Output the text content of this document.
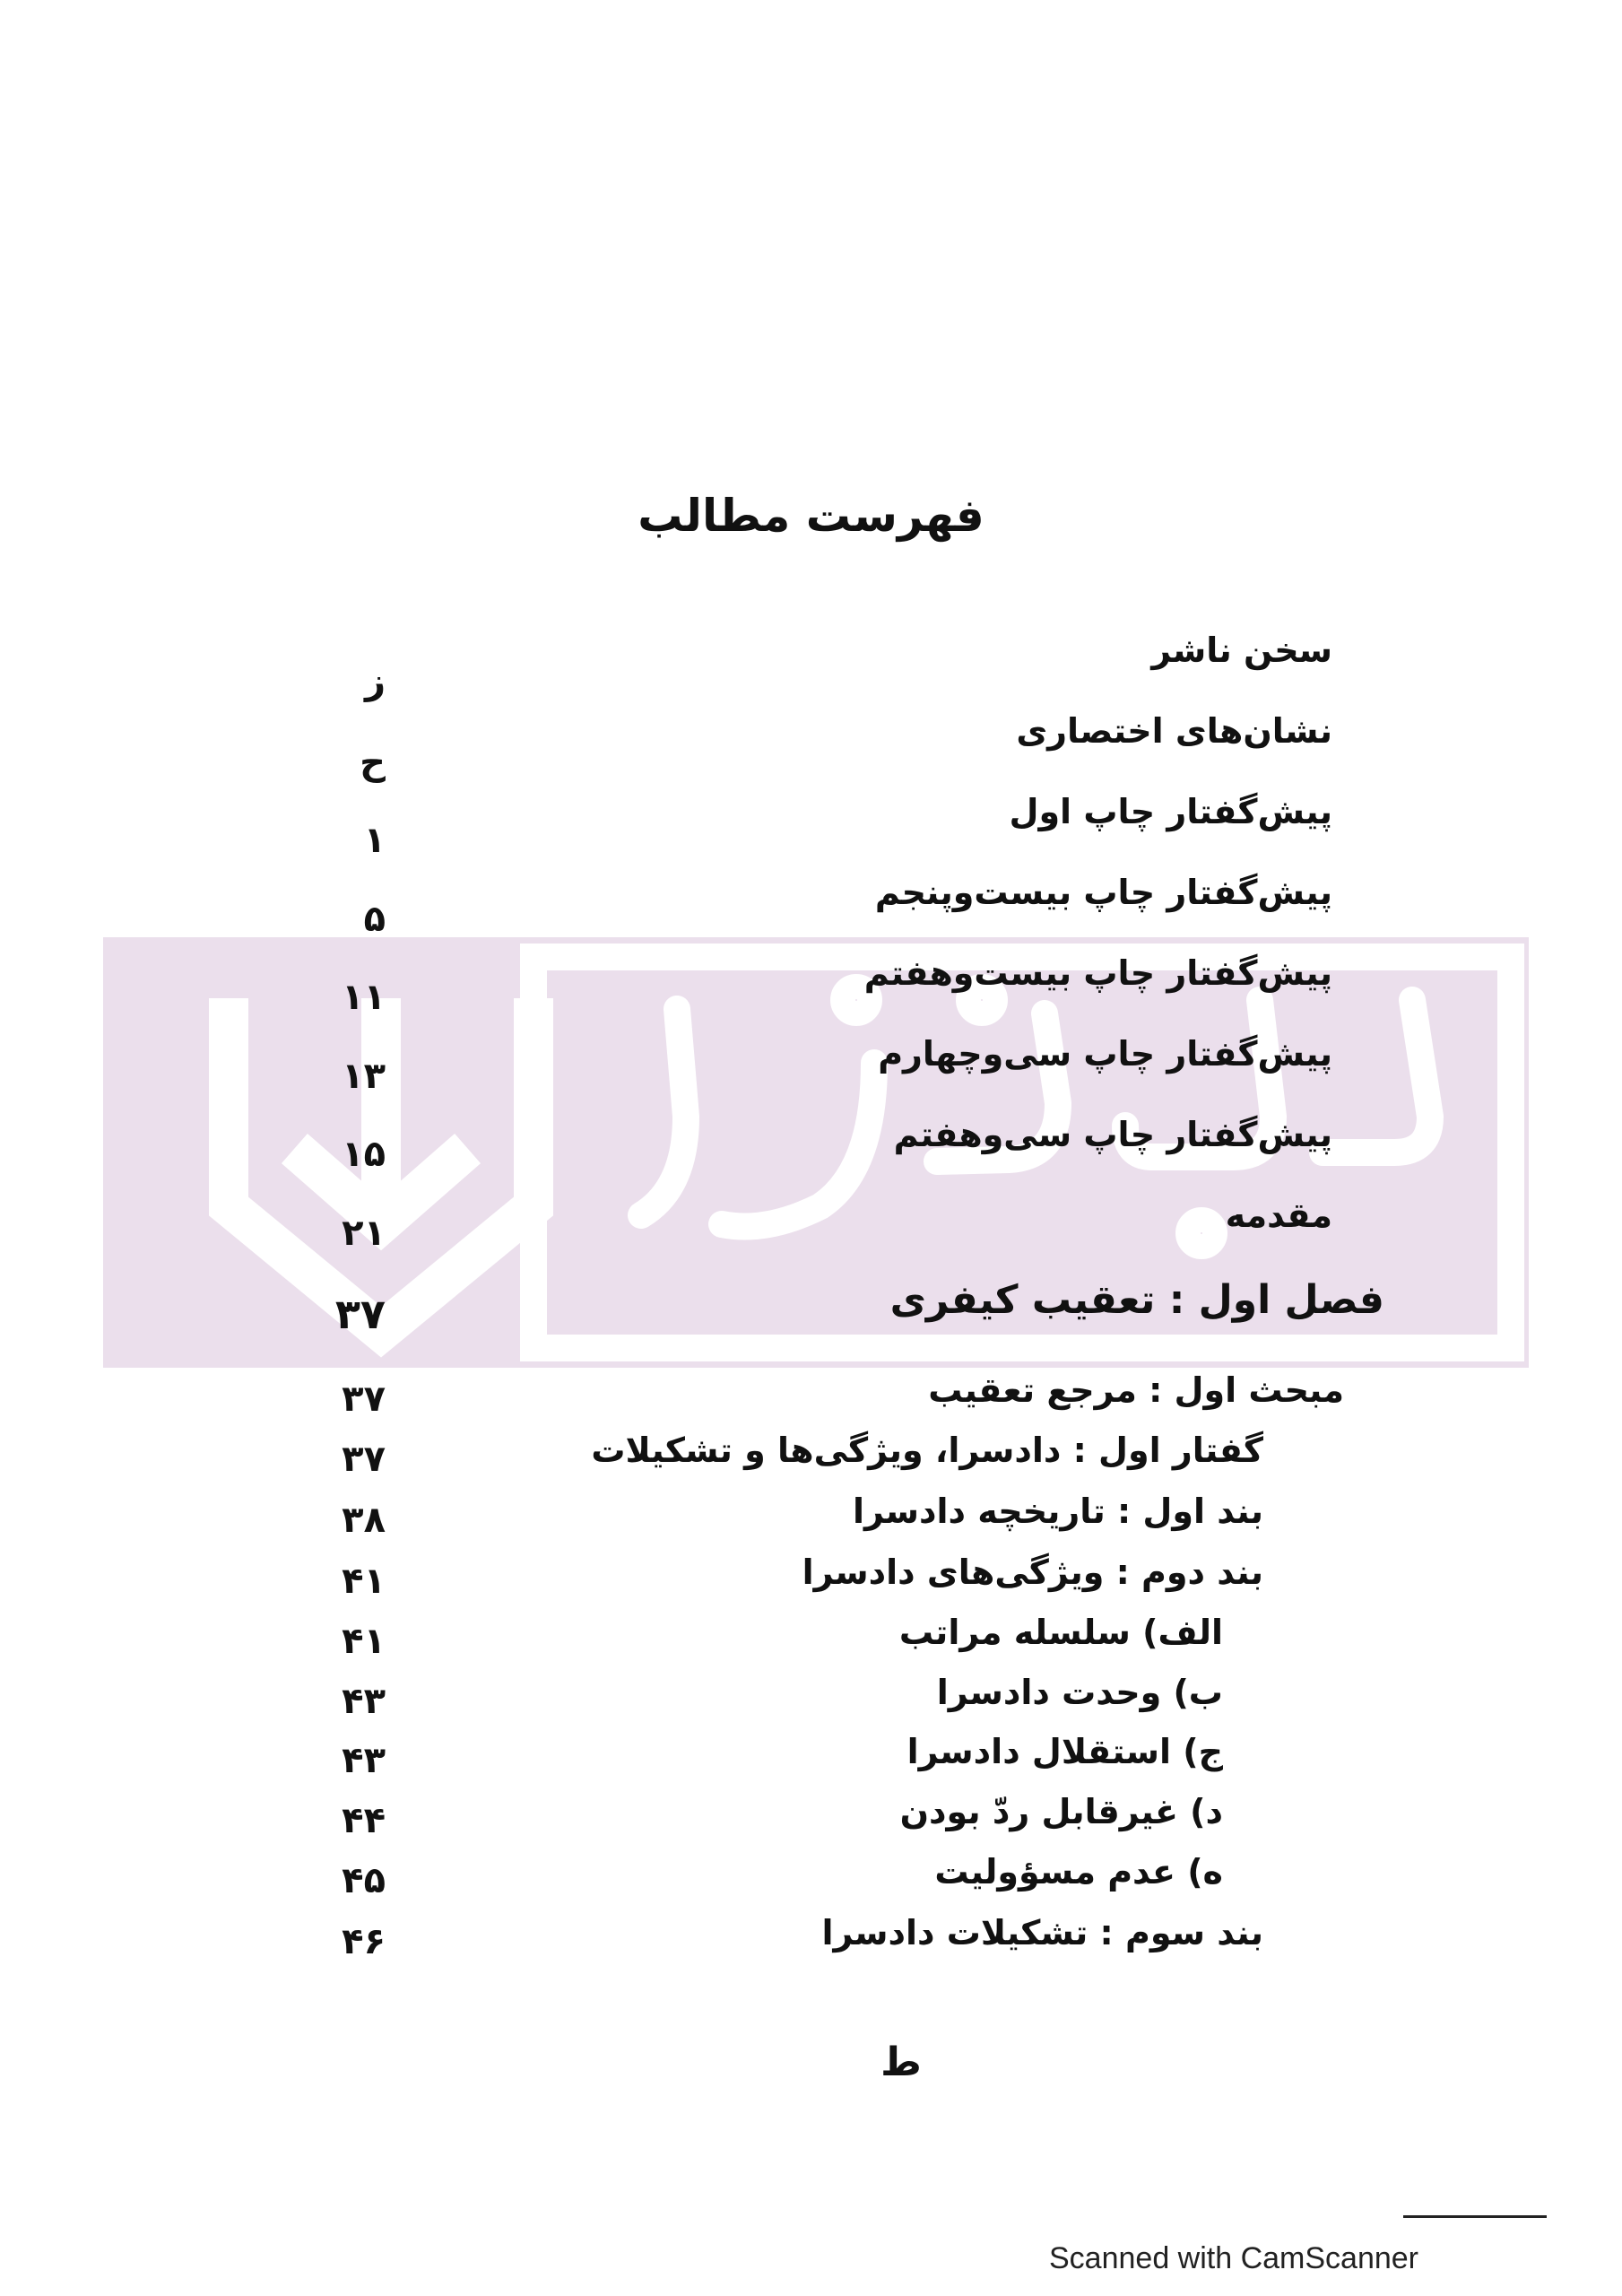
فهرست مطالب
سخن ناشر
ز
نشان‌های اختصاری
ح
پیش‌گفتار چاپ اول
۱
پیش‌گفتار چاپ بیست‌وپنجم
۵
پیش‌گفتار چاپ بیست‌وهفتم
۱۱
پیش‌گفتار چاپ سی‌وچهارم
۱۳
پیش‌گفتار چاپ سی‌وهفتم
۱۵
مقدمه
۲۱
فصل اول : تعقیب کیفری
۳۷
مبحث اول : مرجع تعقیب
۳۷
گفتار اول : دادسرا، ویژگی‌ها و تشکیلات
۳۷
بند اول : تاریخچه دادسرا
۳۸
بند دوم : ویژگی‌های دادسرا
۴۱
الف) سلسله مراتب
۴۱
ب) وحدت دادسرا
۴۳
ج) استقلال دادسرا
۴۳
د) غیرقابل ردّ بودن
۴۴
ه) عدم مسؤولیت
۴۵
بند سوم : تشکیلات دادسرا
۴۶
ط
Scanned with CamScanner
